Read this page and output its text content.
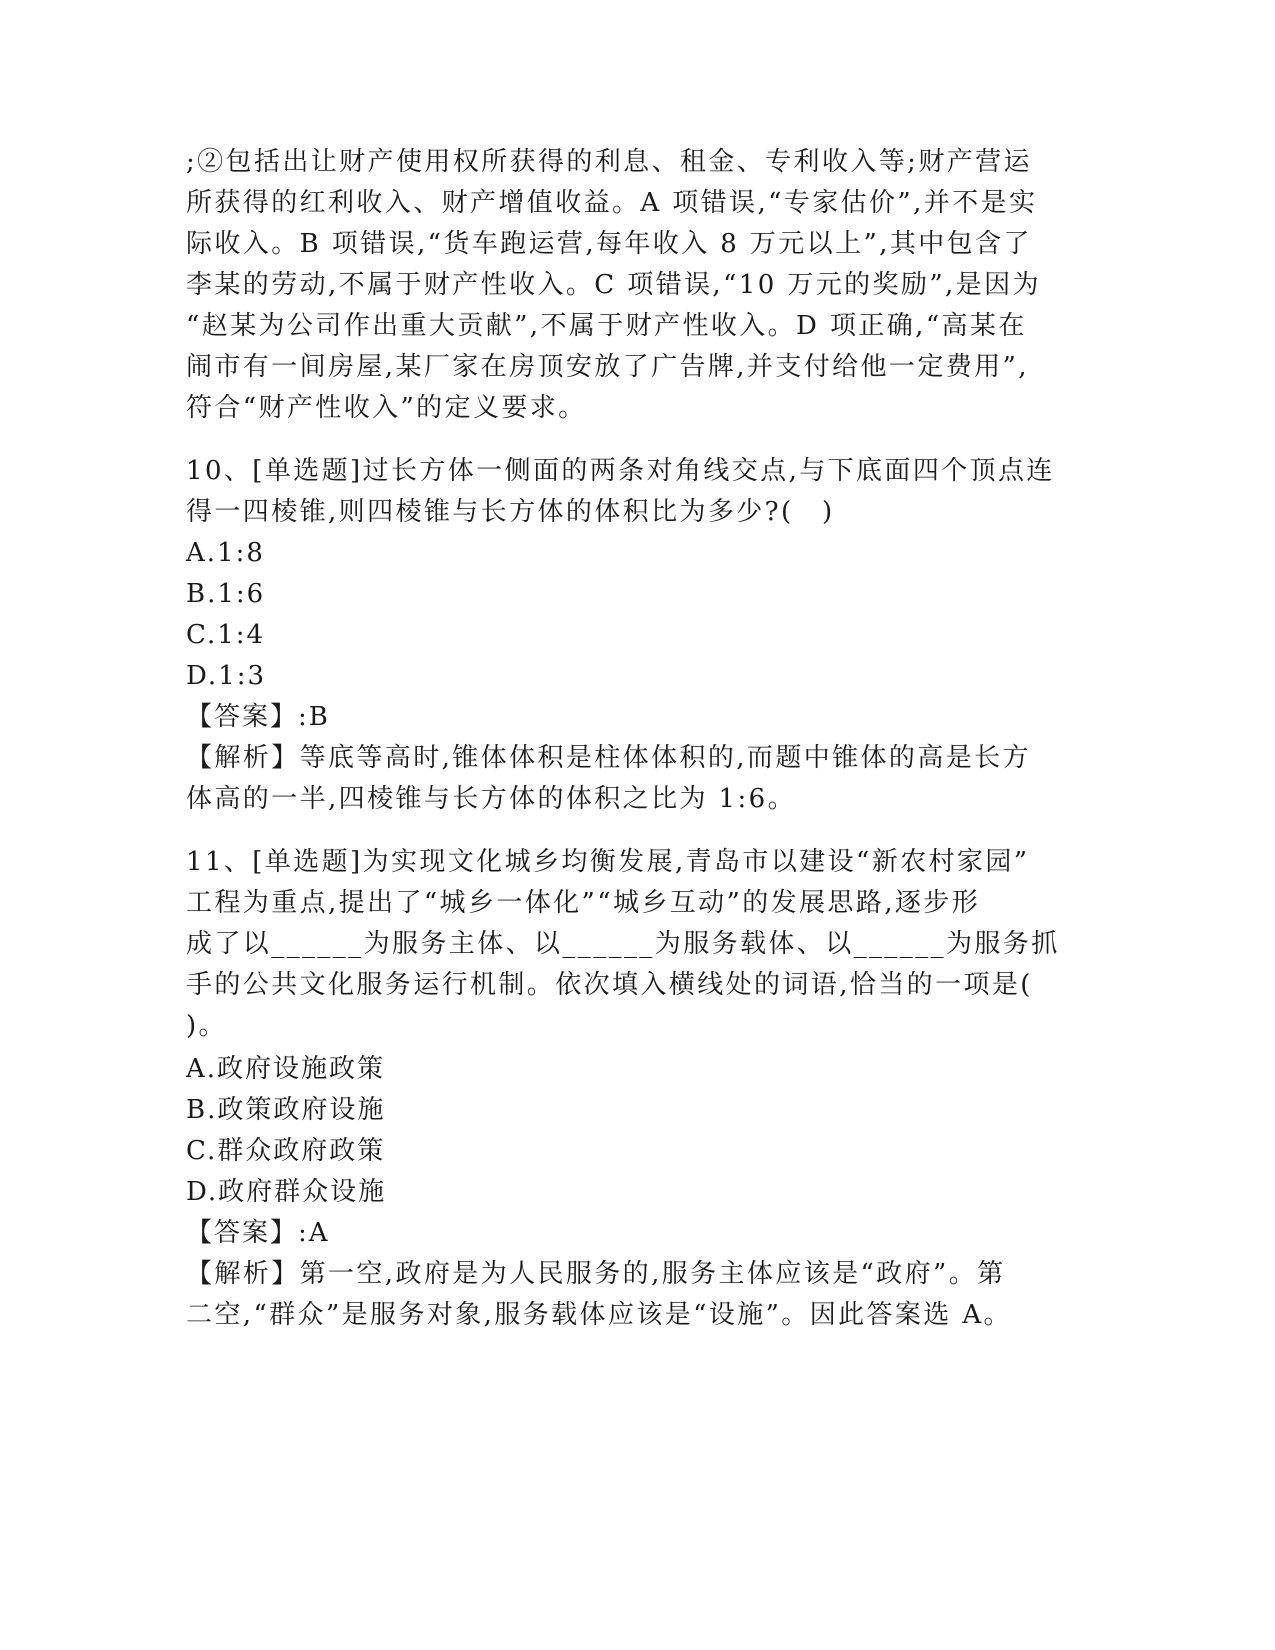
;②包括出让财产使用权所获得的利息、租金、专利收入等;财产营运
所获得的红利收入、财产增值收益。A 项错误,“专家估价”,并不是实
际收入。B 项错误,“货车跑运营,每年收入 8 万元以上”,其中包含了
李某的劳动,不属于财产性收入。C 项错误,“10 万元的奖励”,是因为
“赵某为公司作出重大贡献”,不属于财产性收入。D 项正确,“高某在
闹市有一间房屋,某厂家在房顶安放了广告牌,并支付给他一定费用”,
符合“财产性收入”的定义要求。
10、[单选题]过长方体一侧面的两条对角线交点,与下底面四个顶点连
得一四棱锥,则四棱锥与长方体的体积比为多少?(　)
A.1:8
B.1:6
C.1:4
D.1:3
【答案】:B
【解析】等底等高时,锥体体积是柱体体积的,而题中锥体的高是长方
体高的一半,四棱锥与长方体的体积之比为 1:6。
11、[单选题]为实现文化城乡均衡发展,青岛市以建设“新农村家园”
工程为重点,提出了“城乡一体化”“城乡互动”的发展思路,逐步形
成了以______为服务主体、以______为服务载体、以______为服务抓
手的公共文化服务运行机制。依次填入横线处的词语,恰当的一项是(
)。
A.政府设施政策
B.政策政府设施
C.群众政府政策
D.政府群众设施
【答案】:A
【解析】第一空,政府是为人民服务的,服务主体应该是“政府”。第
二空,“群众”是服务对象,服务载体应该是“设施”。因此答案选 A。
